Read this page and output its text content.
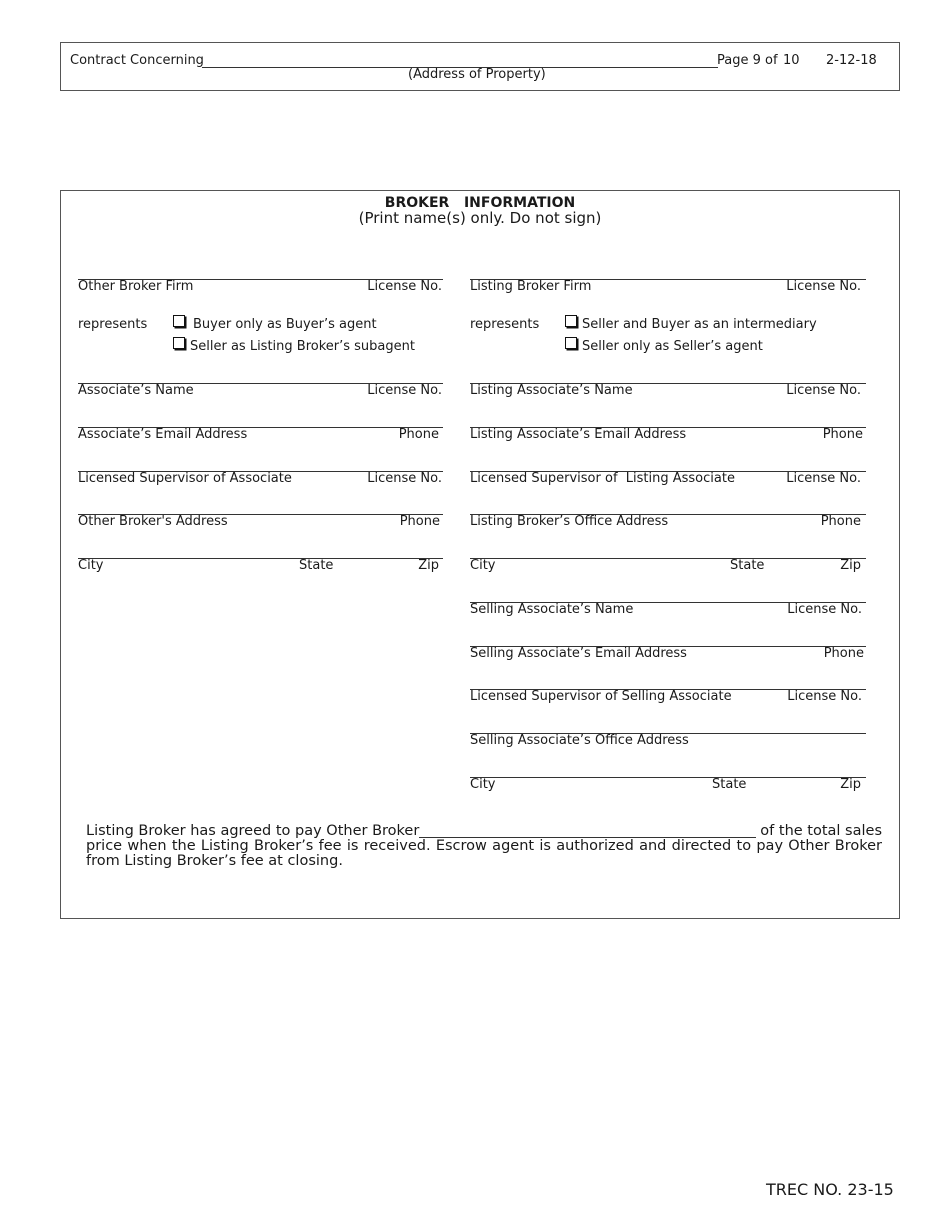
Contract Concerning	Page 9 of 10 2-12-18
(Address of Property)
BROKER   INFORMATION
(Print name(s) only. Do not sign)
Other Broker Firm	License No.
represents	Buyer only as Buyer’s agent
Seller as Listing Broker’s subagent
Associate’s Name	License No.
Associate’s Email Address	Phone
Licensed Supervisor of Associate	License No.
Other Broker's Address	Phone
City	State	Zip
Listing Broker Firm	License No.
represents	Seller and Buyer as an intermediary
Seller only as Seller’s agent
Listing Associate’s Name	License No.
Listing Associate’s Email Address	Phone
Licensed Supervisor of  Listing Associate	License No.
Listing Broker’s Office Address	Phone
City	State	Zip
Selling Associate’s Name	License No.
Selling Associate’s Email Address	Phone
Licensed Supervisor of Selling Associate	License No.
Selling Associate’s Office Address
City	State	Zip
Listing Broker has agreed to pay Other Broker	of the total sales
price when the Listing Broker’s fee is received. Escrow agent is authorized and directed to pay Other Broker
from Listing Broker’s fee at closing.
TREC NO. 23-15
